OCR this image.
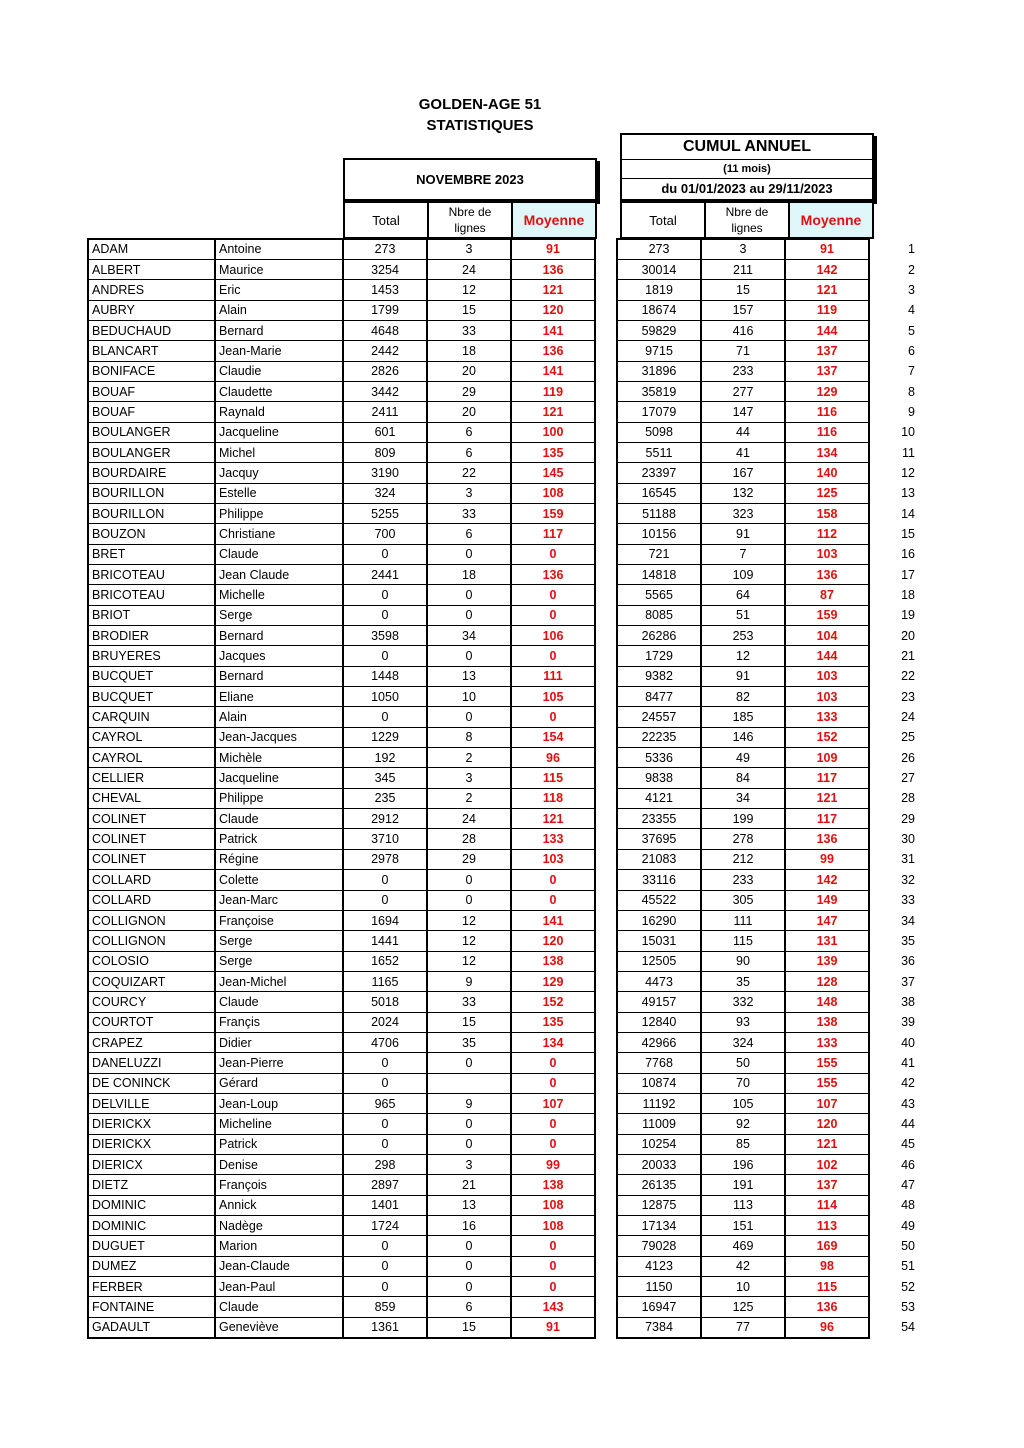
GOLDEN-AGE 51
STATISTIQUES
NOVEMBRE 2023
CUMUL ANNUEL
(11 mois)
du 01/01/2023 au 29/11/2023
Total
Nbre de
lignes	Moyenne	Total
Nbre de
lignes	Moyenne
ADAM	Antoine	273	3	91		273	3	91	1
ALBERT	Maurice	3254	24	136		30014	211	142	2
ANDRES	Eric	1453	12	121		1819	15	121	3
AUBRY	Alain	1799	15	120		18674	157	119	4
BEDUCHAUD	Bernard	4648	33	141		59829	416	144	5
BLANCART	Jean-Marie	2442	18	136		9715	71	137	6
BONIFACE	Claudie	2826	20	141		31896	233	137	7
BOUAF	Claudette	3442	29	119		35819	277	129	8
BOUAF	Raynald	2411	20	121		17079	147	116	9
BOULANGER	Jacqueline	601	6	100		5098	44	116	10
BOULANGER	Michel	809	6	135		5511	41	134	11
BOURDAIRE	Jacquy	3190	22	145		23397	167	140	12
BOURILLON	Estelle	324	3	108		16545	132	125	13
BOURILLON	Philippe	5255	33	159		51188	323	158	14
BOUZON	Christiane	700	6	117		10156	91	112	15
BRET	Claude	0	0	0		721	7	103	16
BRICOTEAU	Jean Claude	2441	18	136		14818	109	136	17
BRICOTEAU	Michelle	0	0	0		5565	64	87	18
BRIOT	Serge	0	0	0		8085	51	159	19
BRODIER	Bernard	3598	34	106		26286	253	104	20
BRUYERES	Jacques	0	0	0		1729	12	144	21
BUCQUET	Bernard	1448	13	111		9382	91	103	22
BUCQUET	Eliane	1050	10	105		8477	82	103	23
CARQUIN	Alain	0	0	0		24557	185	133	24
CAYROL	Jean-Jacques	1229	8	154		22235	146	152	25
CAYROL	Michèle	192	2	96		5336	49	109	26
CELLIER	Jacqueline	345	3	115		9838	84	117	27
CHEVAL	Philippe	235	2	118		4121	34	121	28
COLINET	Claude	2912	24	121		23355	199	117	29
COLINET	Patrick	3710	28	133		37695	278	136	30
COLINET	Régine	2978	29	103		21083	212	99	31
COLLARD	Colette	0	0	0		33116	233	142	32
COLLARD	Jean-Marc	0	0	0		45522	305	149	33
COLLIGNON	Françoise	1694	12	141		16290	111	147	34
COLLIGNON	Serge	1441	12	120		15031	115	131	35
COLOSIO	Serge	1652	12	138		12505	90	139	36
COQUIZART	Jean-Michel	1165	9	129		4473	35	128	37
COURCY	Claude	5018	33	152		49157	332	148	38
COURTOT	Françis	2024	15	135		12840	93	138	39
CRAPEZ	Didier	4706	35	134		42966	324	133	40
DANELUZZI	Jean-Pierre	0	0	0		7768	50	155	41
DE CONINCK	Gérard	0		0		10874	70	155	42
DELVILLE	Jean-Loup	965	9	107		11192	105	107	43
DIERICKX	Micheline	0	0	0		11009	92	120	44
DIERICKX	Patrick	0	0	0		10254	85	121	45
DIERICX	Denise	298	3	99		20033	196	102	46
DIETZ	François	2897	21	138		26135	191	137	47
DOMINIC	Annick	1401	13	108		12875	113	114	48
DOMINIC	Nadège	1724	16	108		17134	151	113	49
DUGUET	Marion	0	0	0		79028	469	169	50
DUMEZ	Jean-Claude	0	0	0		4123	42	98	51
FERBER	Jean-Paul	0	0	0		1150	10	115	52
FONTAINE	Claude	859	6	143		16947	125	136	53
GADAULT	Geneviève	1361	15	91		7384	77	96	54
